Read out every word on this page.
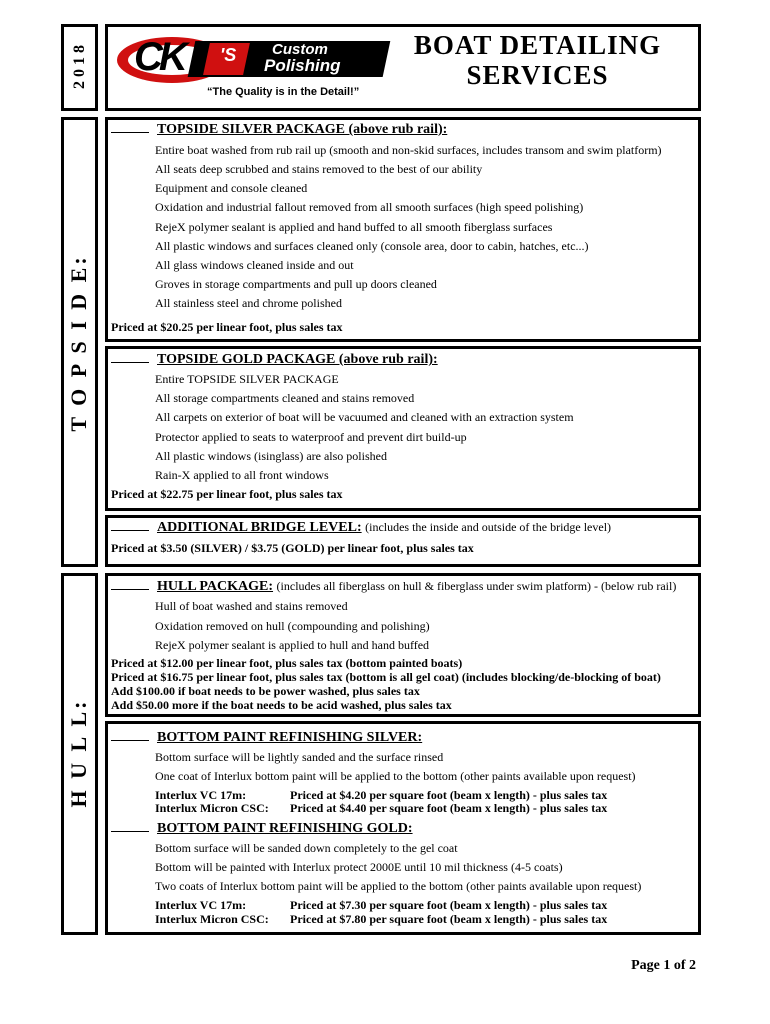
2 0 1 8
T O P S I D E:
H U L L:
CK 'S Custom
Polishing
“The Quality is in the Detail!”
BOAT DETAILING
SERVICES
TOPSIDE SILVER PACKAGE (above rub rail):
Entire boat washed from rub rail up (smooth and non-skid surfaces, includes transom and swim platform)
All seats deep scrubbed and stains removed to the best of our ability
Equipment and console cleaned
Oxidation and industrial fallout removed from all smooth surfaces (high speed polishing)
RejeX polymer sealant is applied and hand buffed to all smooth fiberglass surfaces
All plastic windows and surfaces cleaned only (console area, door to cabin, hatches, etc...)
All glass windows cleaned inside and out
Groves in storage compartments and pull up doors cleaned
All stainless steel and chrome polished
Priced at $20.25 per linear foot, plus sales tax
TOPSIDE GOLD PACKAGE (above rub rail):
Entire TOPSIDE SILVER PACKAGE
All storage compartments cleaned and stains removed
All carpets on exterior of boat will be vacuumed and cleaned with an extraction system
Protector applied to seats to waterproof and prevent dirt build-up
All plastic windows (isinglass) are also polished
Rain-X applied to all front windows
Priced at $22.75 per linear foot, plus sales tax
ADDITIONAL BRIDGE LEVEL: (includes the inside and outside of the bridge level)
Priced at $3.50 (SILVER) / $3.75 (GOLD) per linear foot, plus sales tax
HULL PACKAGE: (includes all fiberglass on hull & fiberglass under swim platform) - (below rub rail)
Hull of boat washed and stains removed
Oxidation removed on hull (compounding and polishing)
RejeX polymer sealant is applied to hull and hand buffed
Priced at $12.00 per linear foot, plus sales tax (bottom painted boats)
Priced at $16.75 per linear foot, plus sales tax (bottom is all gel coat) (includes blocking/de-blocking of boat)
Add $100.00 if boat needs to be power washed, plus sales tax
Add $50.00 more if the boat needs to be acid washed, plus sales tax
BOTTOM PAINT REFINISHING SILVER:
Bottom surface will be lightly sanded and the surface rinsed
One coat of Interlux bottom paint will be applied to the bottom (other paints available upon request)
Interlux VC 17m:	Priced at $4.20 per square foot (beam x length) - plus sales tax
Interlux Micron CSC: Priced at $4.40 per square foot (beam x length) - plus sales tax
BOTTOM PAINT REFINISHING GOLD:
Bottom surface will be sanded down completely to the gel coat
Bottom will be painted with Interlux protect 2000E until 10 mil thickness (4-5 coats)
Two coats of Interlux bottom paint will be applied to the bottom (other paints available upon request)
Interlux VC 17m:	Priced at $7.30 per square foot (beam x length) - plus sales tax
Interlux Micron CSC: Priced at $7.80 per square foot (beam x length) - plus sales tax
Page 1 of 2
